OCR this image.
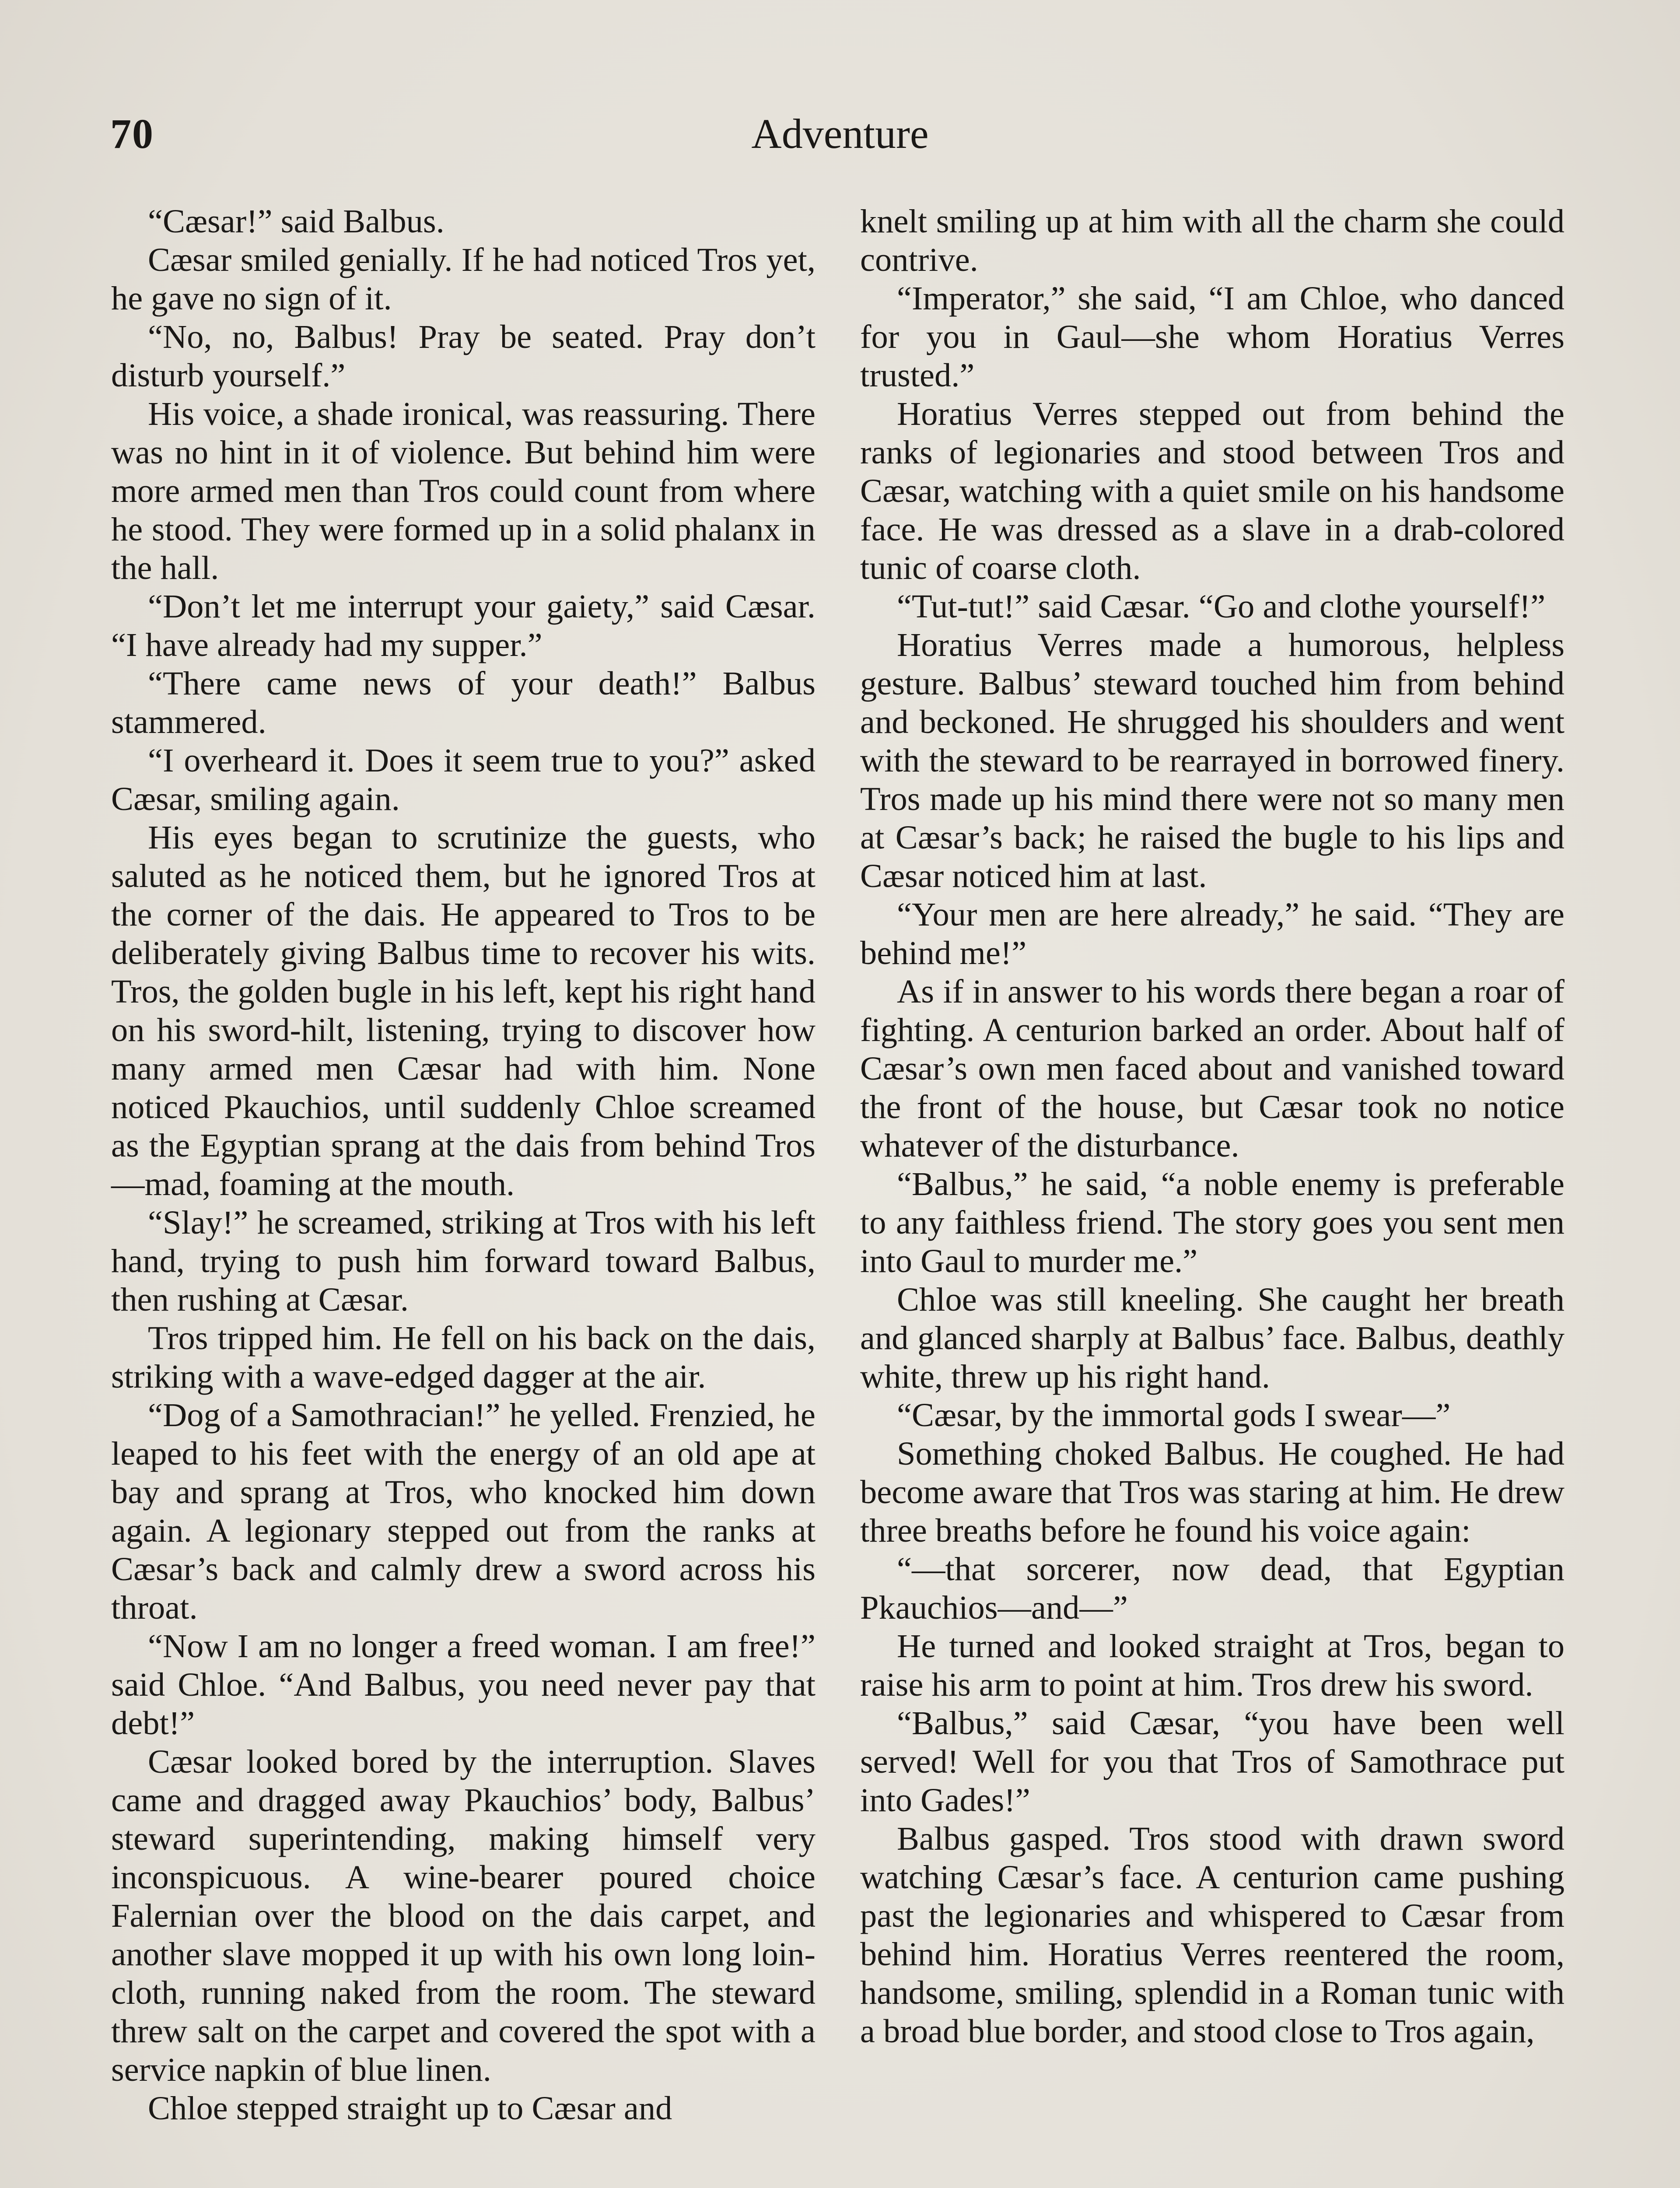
70	Adventure

“Cæsar!” said Balbus.

Cæsar smiled genially. If he had noticed Tros yet, he gave no sign of it.

“No, no, Balbus! Pray be seated. Pray don’t disturb yourself.”

His voice, a shade ironical, was reassuring. There was no hint in it of violence. But behind him were more armed men than Tros could count from where he stood. They were formed up in a solid phalanx in the hall.

“Don’t let me interrupt your gaiety,” said Cæsar. “I have already had my supper.”

“There came news of your death!” Balbus stammered.

“I overheard it. Does it seem true to you?” asked Cæsar, smiling again.

His eyes began to scrutinize the guests, who saluted as he noticed them, but he ignored Tros at the corner of the dais. He appeared to Tros to be deliberately giving Balbus time to recover his wits. Tros, the golden bugle in his left, kept his right hand on his sword-hilt, listening, trying to discover how many armed men Cæsar had with him. None noticed Pkauchios, until suddenly Chloe screamed as the Egyptian sprang at the dais from behind Tros—mad, foaming at the mouth.

“Slay!” he screamed, striking at Tros with his left hand, trying to push him forward toward Balbus, then rushing at Cæsar.

Tros tripped him. He fell on his back on the dais, striking with a wave-edged dagger at the air.

“Dog of a Samothracian!” he yelled. Frenzied, he leaped to his feet with the energy of an old ape at bay and sprang at Tros, who knocked him down again. A legionary stepped out from the ranks at Cæsar’s back and calmly drew a sword across his throat.

“Now I am no longer a freed woman. I am free!” said Chloe. “And Balbus, you need never pay that debt!”

Cæsar looked bored by the interruption. Slaves came and dragged away Pkauchios’ body, Balbus’ steward superintending, making himself very inconspicuous. A wine-bearer poured choice Falernian over the blood on the dais carpet, and another slave mopped it up with his own long loin-cloth, running naked from the room. The steward threw salt on the carpet and covered the spot with a service napkin of blue linen.

Chloe stepped straight up to Cæsar and

knelt smiling up at him with all the charm she could contrive.

“Imperator,” she said, “I am Chloe, who danced for you in Gaul—she whom Horatius Verres trusted.”

Horatius Verres stepped out from behind the ranks of legionaries and stood between Tros and Cæsar, watching with a quiet smile on his handsome face. He was dressed as a slave in a drab-colored tunic of coarse cloth.

“Tut-tut!” said Cæsar. “Go and clothe yourself!”

Horatius Verres made a humorous, helpless gesture. Balbus’ steward touched him from behind and beckoned. He shrugged his shoulders and went with the steward to be rearrayed in borrowed finery. Tros made up his mind there were not so many men at Cæsar’s back; he raised the bugle to his lips and Cæsar noticed him at last.

“Your men are here already,” he said. “They are behind me!”

As if in answer to his words there began a roar of fighting. A centurion barked an order. About half of Cæsar’s own men faced about and vanished toward the front of the house, but Cæsar took no notice whatever of the disturbance.

“Balbus,” he said, “a noble enemy is preferable to any faithless friend. The story goes you sent men into Gaul to murder me.”

Chloe was still kneeling. She caught her breath and glanced sharply at Balbus’ face. Balbus, deathly white, threw up his right hand.

“Cæsar, by the immortal gods I swear—”

Something choked Balbus. He coughed. He had become aware that Tros was staring at him. He drew three breaths before he found his voice again:

“—that sorcerer, now dead, that Egyptian Pkauchios—and—”

He turned and looked straight at Tros, began to raise his arm to point at him. Tros drew his sword.

“Balbus,” said Cæsar, “you have been well served! Well for you that Tros of Samothrace put into Gades!”

Balbus gasped. Tros stood with drawn sword watching Cæsar’s face. A centurion came pushing past the legionaries and whispered to Cæsar from behind him. Horatius Verres reentered the room, handsome, smiling, splendid in a Roman tunic with a broad blue border, and stood close to Tros again,
